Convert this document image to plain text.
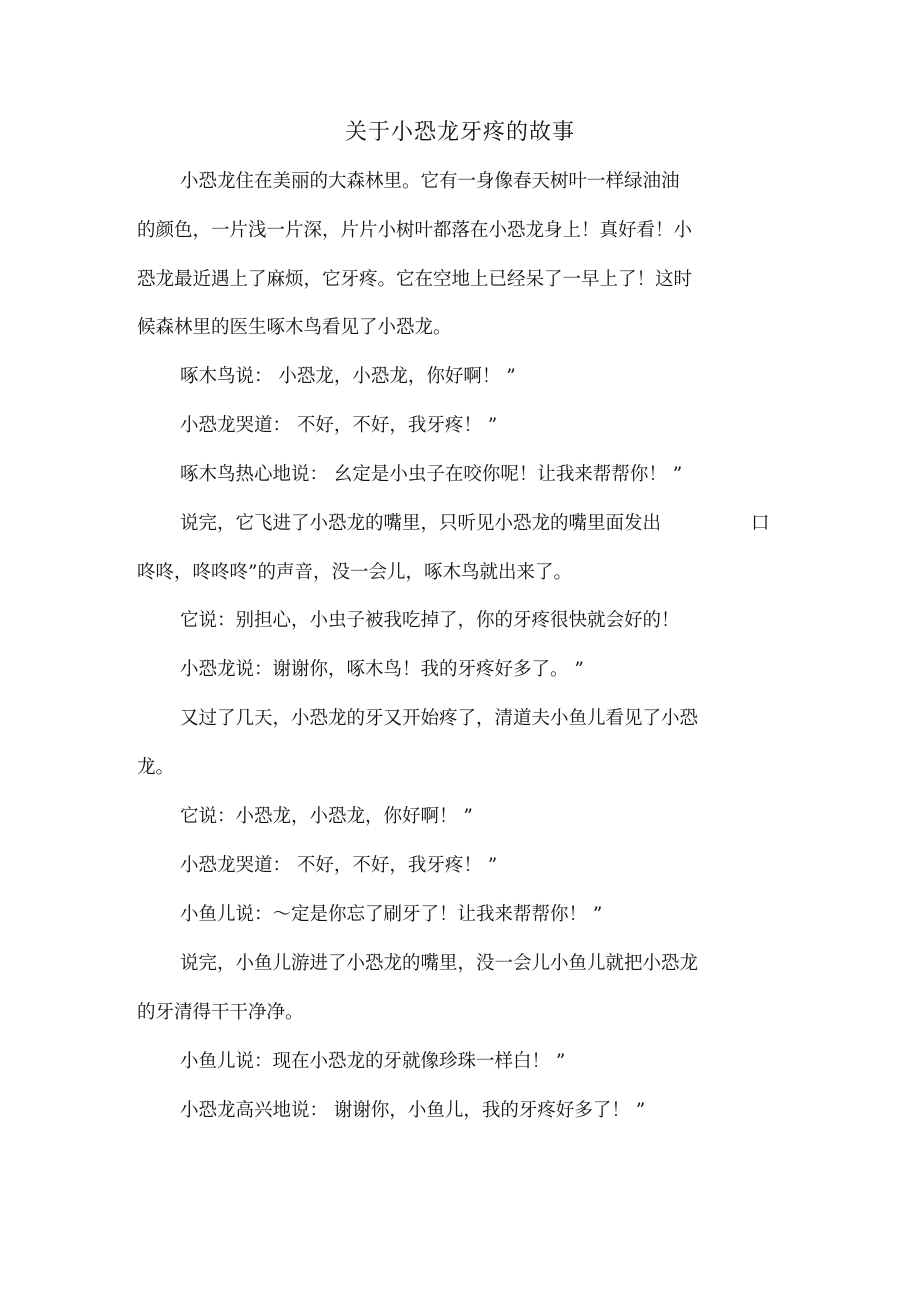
关于小恐龙牙疼的故事

小恐龙住在美丽的大森林里。它有一身像春天树叶一样绿油油

的颜色，一片浅一片深，片片小树叶都落在小恐龙身上！真好看！小

恐龙最近遇上了麻烦，它牙疼。它在空地上已经呆了一早上了！这时

候森林里的医生啄木鸟看见了小恐龙。

啄木鸟说： 小恐龙，小恐龙，你好啊！ ”

小恐龙哭道： 不好，不好，我牙疼！ ”

啄木鸟热心地说： 幺定是小虫子在咬你呢！让我来帮帮你！ ”

说完，它飞进了小恐龙的嘴里，只听见小恐龙的嘴里面发出	口

咚咚，咚咚咚”的声音，没一会儿，啄木鸟就出来了。

它说：别担心，小虫子被我吃掉了，你的牙疼很快就会好的！

小恐龙说：谢谢你，啄木鸟！我的牙疼好多了。 ”

又过了几天，小恐龙的牙又开始疼了，清道夫小鱼儿看见了小恐

龙。

它说：小恐龙，小恐龙，你好啊！ ”

小恐龙哭道： 不好，不好，我牙疼！ ”

小鱼儿说：〜定是你忘了刷牙了！让我来帮帮你！ ”

说完，小鱼儿游进了小恐龙的嘴里，没一会儿小鱼儿就把小恐龙

的牙清得干干净净。

小鱼儿说：现在小恐龙的牙就像珍珠一样白！ ”

小恐龙高兴地说： 谢谢你，小鱼儿，我的牙疼好多了！ ”
